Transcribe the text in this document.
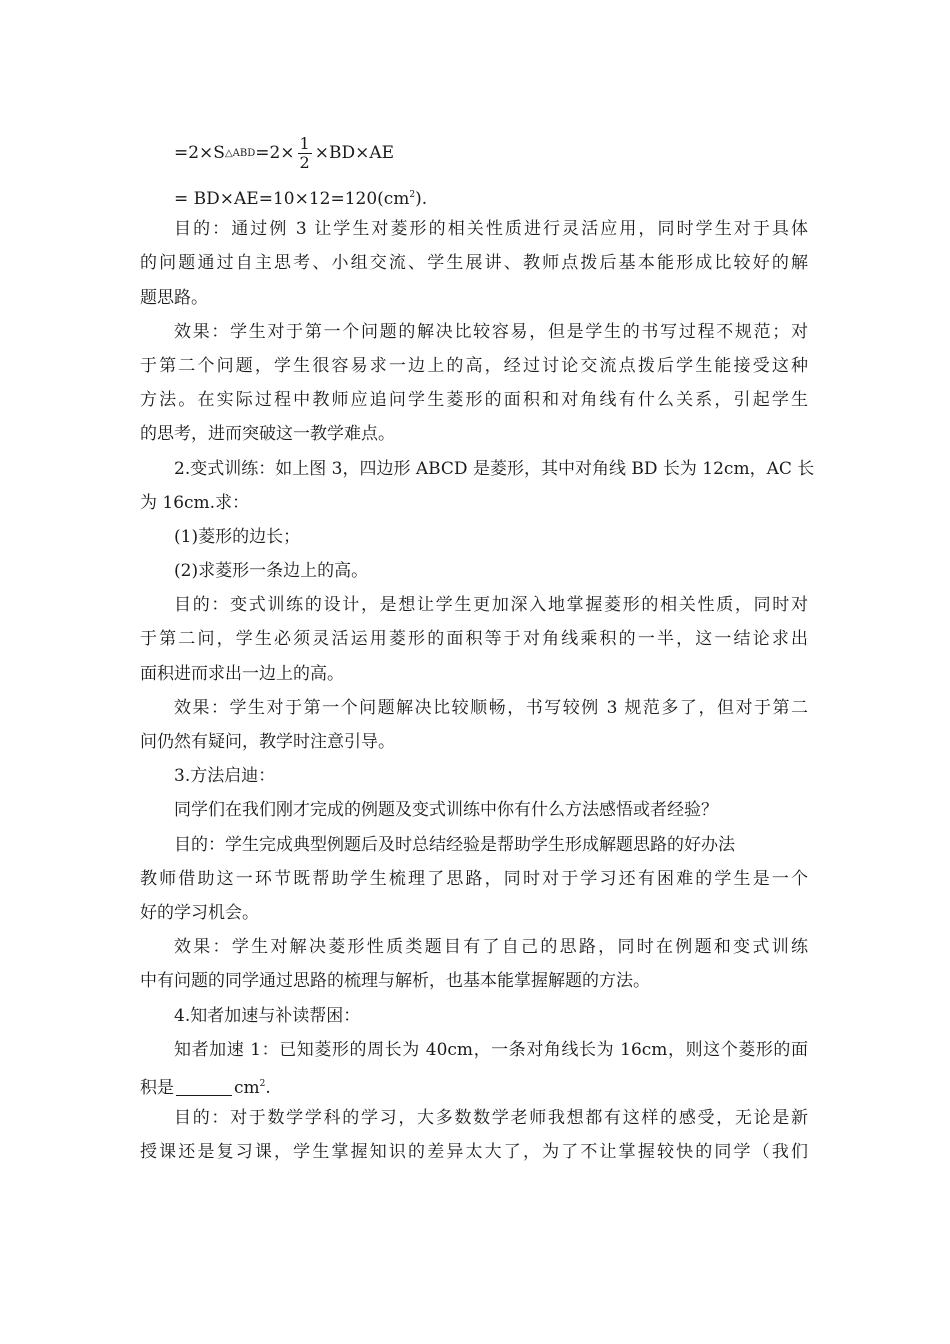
=2×S △ABD $=2\times \frac{1}{2} \times BD\times AE$
= $BD\times AE=10\times 12=120(cm^2)$.
目的：通过例 3 让学生对菱形的相关性质进行灵活应用，同时学生对于具体
的问题通过自主思考、小组交流、学生展讲、教师点拨后基本能形成比较好的解
题思路。
效果：学生对于第一个问题的解决比较容易，但是学生的书写过程不规范；对
于第二个问题，学生很容易求一边上的高，经过讨论交流点拨后学生能接受这种
方法。在实际过程中教师应追问学生菱形的面积和对角线有什么关系，引起学生
的思考，进而突破这一教学难点。
2.变式训练：如上图 3，四边形 ABCD 是菱形，其中对角线 BD 长为 12cm，AC 长
为 16cm.求：
(1)菱形的边长；
(2)求菱形一条边上的高。
目的：变式训练的设计，是想让学生更加深入地掌握菱形的相关性质，同时对
于第二问，学生必须灵活运用菱形的面积等于对角线乘积的一半，这一结论求出
面积进而求出一边上的高。
效果：学生对于第一个问题解决比较顺畅，书写较例 3 规范多了，但对于第二
问仍然有疑问，教学时注意引导。
3.方法启迪：
同学们在我们刚才完成的例题及变式训练中你有什么方法感悟或者经验？
目的：学生完成典型例题后及时总结经验是帮助学生形成解题思路的好办法
教师借助这一环节既帮助学生梳理了思路，同时对于学习还有困难的学生是一个
好的学习机会。
效果：学生对解决菱形性质类题目有了自己的思路，同时在例题和变式训练
中有问题的同学通过思路的梳理与解析，也基本能掌握解题的方法。
4.知者加速与补读帮困：
知者加速 1：已知菱形的周长为 40cm，一条对角线长为 16cm，则这个菱形的面
积是	$cm^2$.
目的：对于数学学科的学习，大多数数学老师我想都有这样的感受，无论是新
授课还是复习课，学生掌握知识的差异太大了，为了不让掌握较快的同学（我们
